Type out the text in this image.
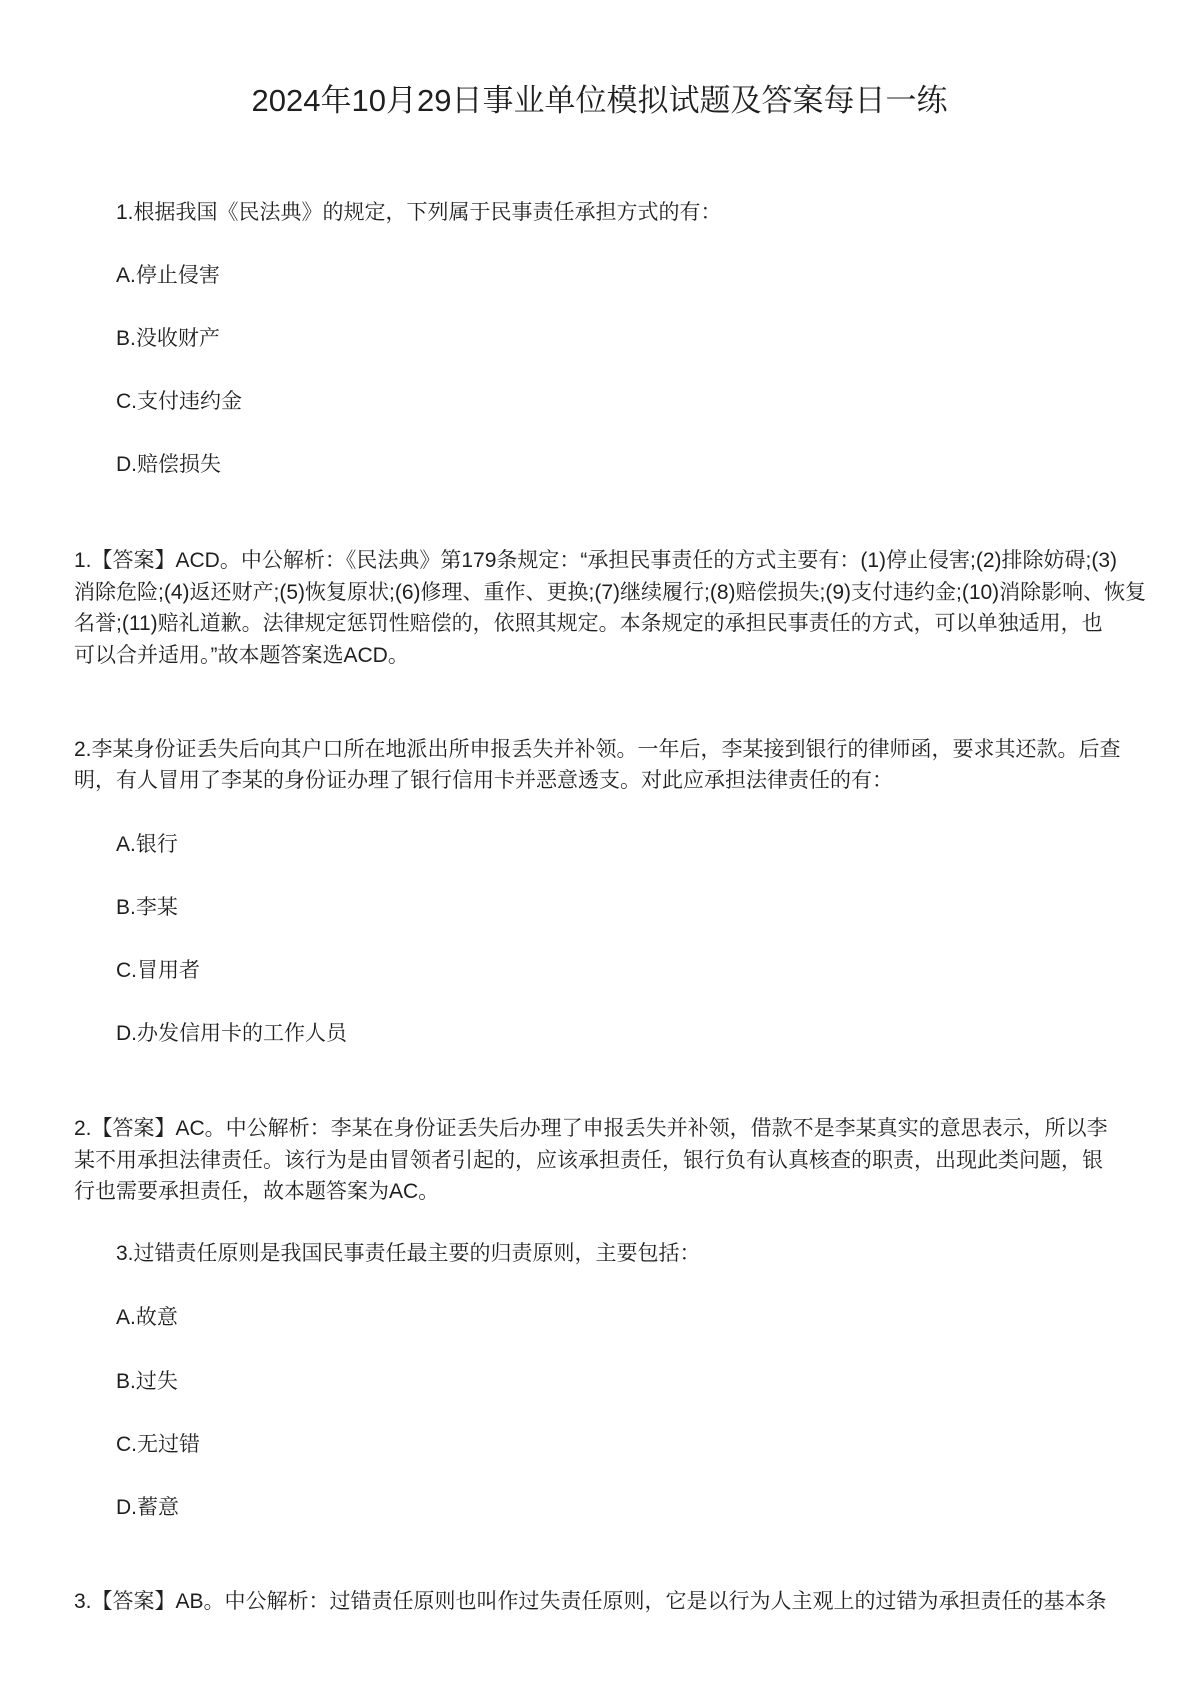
2024年10月29日事业单位模拟试题及答案每日一练
1.根据我国《民法典》的规定，下列属于民事责任承担方式的有：
A.停止侵害
B.没收财产
C.支付违约金
D.赔偿损失
1.【答案】ACD。中公解析：《民法典》第179条规定：“承担民事责任的方式主要有：(1)停止侵害;(2)排除妨碍;(3)
消除危险;(4)返还财产;(5)恢复原状;(6)修理、重作、更换;(7)继续履行;(8)赔偿损失;(9)支付违约金;(10)消除影响、恢复
名誉;(11)赔礼道歉。法律规定惩罚性赔偿的，依照其规定。本条规定的承担民事责任的方式，可以单独适用，也
可以合并适用。”故本题答案选ACD。
2.李某身份证丢失后向其户口所在地派出所申报丢失并补领。一年后，李某接到银行的律师函，要求其还款。后查
明，有人冒用了李某的身份证办理了银行信用卡并恶意透支。对此应承担法律责任的有：
A.银行
B.李某
C.冒用者
D.办发信用卡的工作人员
2.【答案】AC。中公解析：李某在身份证丢失后办理了申报丢失并补领，借款不是李某真实的意思表示，所以李
某不用承担法律责任。该行为是由冒领者引起的，应该承担责任，银行负有认真核查的职责，出现此类问题，银
行也需要承担责任，故本题答案为AC。
3.过错责任原则是我国民事责任最主要的归责原则，主要包括：
A.故意
B.过失
C.无过错
D.蓄意
3.【答案】AB。中公解析：过错责任原则也叫作过失责任原则，它是以行为人主观上的过错为承担责任的基本条
